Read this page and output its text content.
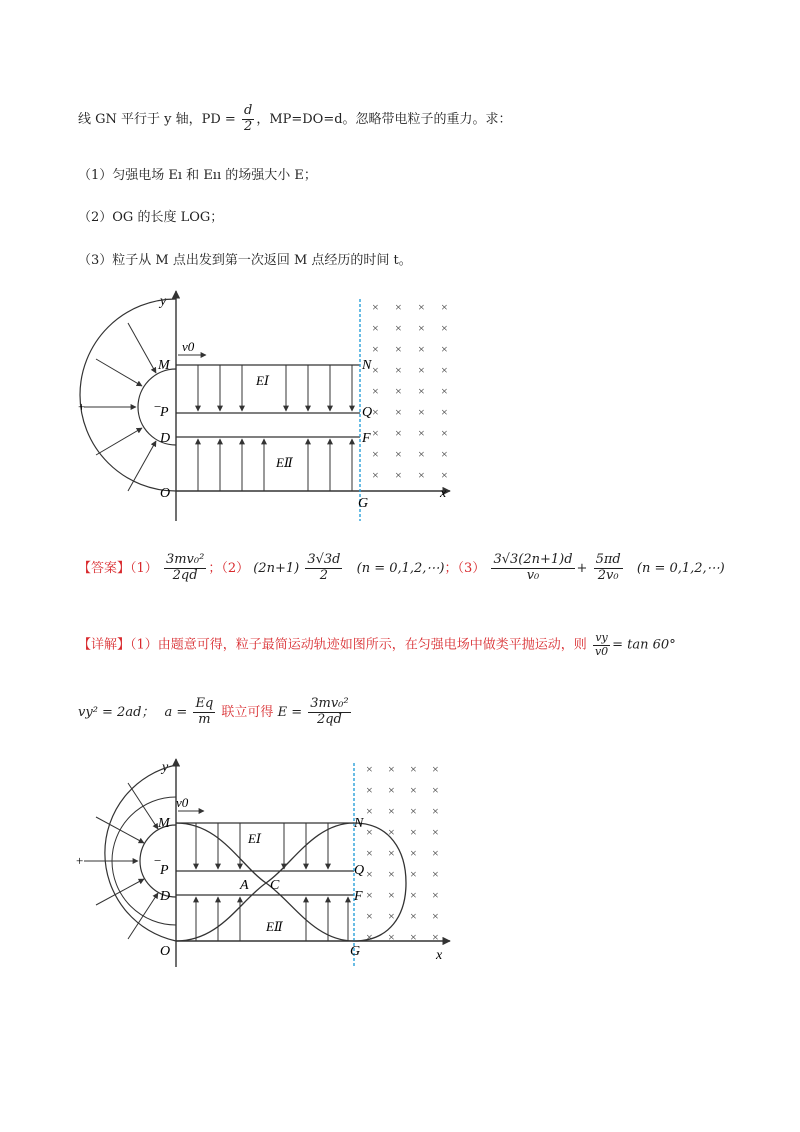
线 GN 平行于 y 轴，PD = $\frac{d}{2}$ ，MP=DO=d。忽略带电粒子的重力。求：
（1）匀强电场 Eı 和 Eıı 的场强大小 E；
（2）OG 的长度 LOG；
（3）粒子从 M 点出发到第一次返回 M 点经历的时间 t。
y
x
+	−
EⅠ
EⅡ
v0
M
P
D
O
N
Q
F
G
× × × ×
× × × ×
× × × ×
× × × ×
× × × ×
× × × ×
× × × ×
× × × ×
× × × ×
【答案】$(1) \frac{\text{3mv₀²}}{2qd}$ ；（2） $(2n+1) \frac{3√3d}{2} (n$ = 0,1,2,⋯)；$(3) \frac{3√3(2n+1)d}{\text{v₀}} + \frac{5\pi d}{\text{2v₀}} (n$ = 0,1,2,⋯)
【详解】（1）由题意可得，粒子最简运动轨迹如图所示，在匀强电场中做类平抛运动，则 $\frac{vy}{v0} = \tan 60^\circ$
vy² = 2ad； $a = \frac{Eq}{m}$ 联立可得 $E = \frac{\text{3mv₀²}}{2qd}$
y
x
+	−
EⅠ
EⅡ
v0
M
P
D
O
N
Q
F
G
A C
× × × ×
× × × ×
× × × ×
× × × ×
× × × ×
× × × ×
× × × ×
× × × ×
× × × ×
